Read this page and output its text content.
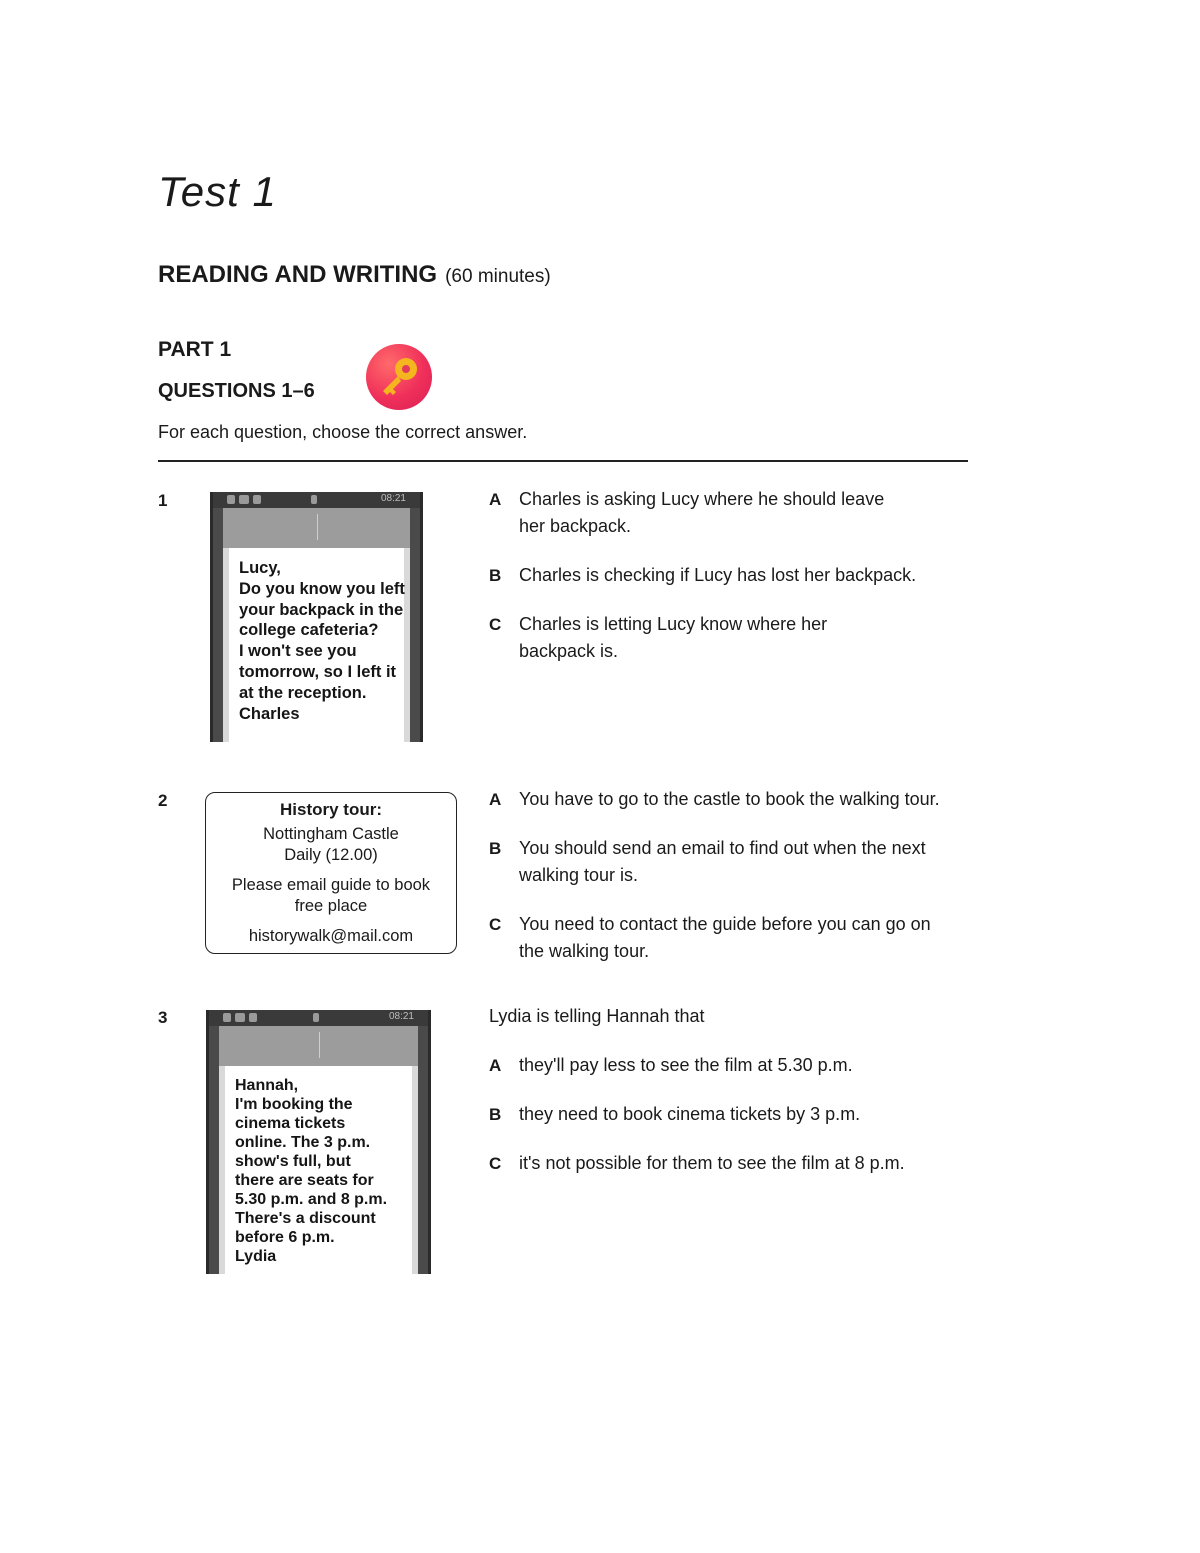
Test 1
READING AND WRITING (60 minutes)
PART 1
QUESTIONS 1–6
For each question, choose the correct answer.
1	08:21
Lucy,
Do you know you left
your backpack in the
college cafeteria?
I won't see you
tomorrow, so I left it
at the reception.
Charles
A Charles is asking Lucy where he should leave
her backpack.
B Charles is checking if Lucy has lost her backpack.
C Charles is letting Lucy know where her
backpack is.
2	History tour:
Nottingham Castle
Daily (12.00)
Please email guide to book
free place
historywalk@mail.com
A You have to go to the castle to book the walking tour.
B You should send an email to find out when the next
walking tour is.
C You need to contact the guide before you can go on
the walking tour.
3	08:21
Hannah,
I'm booking the
cinema tickets
online. The 3 p.m.
show's full, but
there are seats for
5.30 p.m. and 8 p.m.
There's a discount
before 6 p.m.
Lydia
Lydia is telling Hannah that
A they'll pay less to see the film at 5.30 p.m.
B they need to book cinema tickets by 3 p.m.
C it's not possible for them to see the film at 8 p.m.
